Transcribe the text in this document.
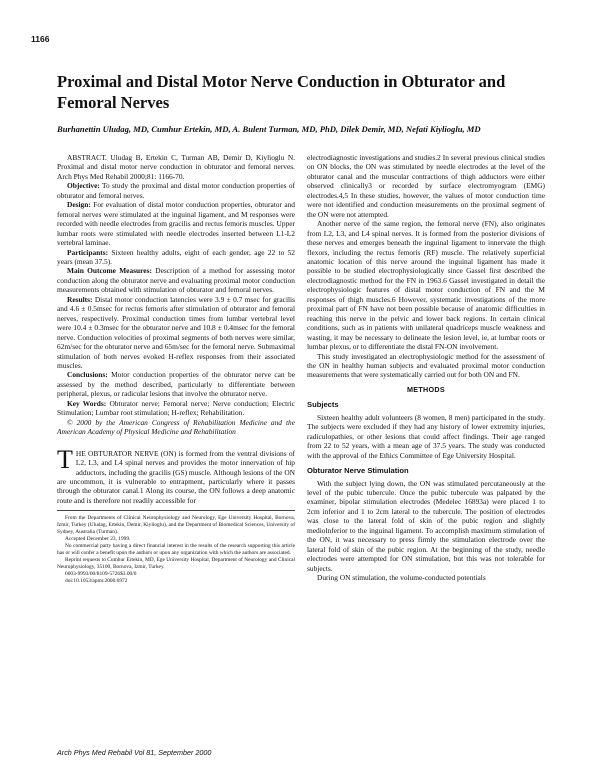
1166
Proximal and Distal Motor Nerve Conduction in Obturator and Femoral Nerves
Burhanettin Uludag, MD, Cumhur Ertekin, MD, A. Bulent Turman, MD, PhD, Dilek Demir, MD, Nefati Kiylioglu, MD

ABSTRACT. Uludag B, Ertekin C, Turman AB, Demir D, Kiylioglu N. Proximal and distal motor nerve conduction in obturator and femoral nerves. Arch Phys Med Rehabil 2000;81: 1166-70.

Objective: To study the proximal and distal motor conduction properties of obturator and femoral nerves.

Design: For evaluation of distal motor conduction properties, obturator and femoral nerves were stimulated at the inguinal ligament, and M responses were recorded with needle electrodes from gracilis and rectus femoris muscles. Upper lumbar roots were stimulated with needle electrodes inserted between L1-L2 vertebral laminae.

Participants: Sixteen healthy adults, eight of each gender, age 22 to 52 years (mean 37.5).

Main Outcome Measures: Description of a method for assessing motor conduction along the obturator nerve and evaluating proximal motor conduction measurements obtained with stimulation of obturator and femoral nerves.

Results: Distal motor conduction latencies were 3.9 ± 0.7 msec for gracilis and 4.6 ± 0.5msec for rectus femoris after stimulation of obturator and femoral nerves, respectively. Proximal conduction times from lumbar vertebral level were 10.4 ± 0.3msec for the obturator nerve and 10.8 ± 0.4msec for the femoral nerve. Conduction velocities of proximal segments of both nerves were similar, 62m/sec for the obturator nerve and 65m/sec for the femoral nerve. Submaximal stimulation of both nerves evoked H-reflex responses from their associated muscles.

Conclusions: Motor conduction properties of the obturator nerve can be assessed by the method described, particularly to differentiate between peripheral, plexus, or radicular lesions that involve the obturator nerve.

Key Words: Obturator nerve; Femoral nerve; Nerve conduction; Electric Stimulation; Lumbar root stimulation; H-reflex; Rehabilitation.

© 2000 by the American Congress of Rehabilitation Medicine and the American Academy of Physical Medicine and Rehabilitation

THE OBTURATOR NERVE (ON) is formed from the ventral divisions of L2, L3, and L4 spinal nerves and provides the motor innervation of hip adductors, including the gracilis (GS) muscle. Although lesions of the ON are uncommon, it is vulnerable to entrapment, particularly where it passes through the obturator canal.1 Along its course, the ON follows a deep anatomic route and is therefore not readily accessible for

From the Departments of Clinical Neurophysiology and Neurology, Ege University Hospital, Bornova, Izmir, Turkey (Uludag, Ertekin, Demir, Kiylioglu), and the Department of Biomedical Sciences, University of Sydney, Australia (Turman).

Accepted December 23, 1999.

No commercial party having a direct financial interest in the results of the research supporting this article has or will confer a benefit upon the authors or upon any organization with which the authors are associated.

Reprint requests to Cumhur Ertekin, MD, Ege University Hospital, Department of Neurology and Clinical Neurophysiology, 35100, Bornova, Izmir, Turkey.

0003-9993/00/8109-5726$3.00/0

doi:10.1053/apmr.2000.6972

electrodiagnostic investigations and studies.2 In several previous clinical studies on ON blocks, the ON was stimulated by needle electrodes at the level of the obturator canal and the muscular contractions of thigh adductors were either observed clinically3 or recorded by surface electromyogram (EMG) electrodes.4,5 In these studies, however, the values of motor conduction time were not identified and conduction measurements on the proximal segment of the ON were not attempted.

Another nerve of the same region, the femoral nerve (FN), also originates from L2, L3, and L4 spinal nerves. It is formed from the posterior divisions of these nerves and emerges beneath the inguinal ligament to innervate the thigh flexors, including the rectus femoris (RF) muscle. The relatively superficial anatomic location of this nerve around the inguinal ligament has made it possible to be studied electrophysiologically since Gassel first described the electrodiagnostic method for the FN in 1963.6 Gassel investigated in detail the electrophysiologic features of distal motor conduction of FN and the M responses of thigh muscles.6 However, systematic investigations of the more proximal part of FN have not been possible because of anatomic difficulties in reaching this nerve in the pelvic and lower back regions. In certain clinical conditions, such as in patients with unilateral quadriceps muscle weakness and wasting, it may be necessary to delineate the lesion level, ie, at lumbar roots or lumbar plexus, or to differentiate the distal FN-ON involvement.

This study investigated an electrophysiologic method for the assessment of the ON in healthy human subjects and evaluated proximal motor conduction measurements that were systematically carried out for both ON and FN.

METHODS

Subjects

Sixteen healthy adult volunteers (8 women, 8 men) participated in the study. The subjects were excluded if they had any history of lower extremity injuries, radiculopathies, or other lesions that could affect findings. Their age ranged from 22 to 52 years, with a mean age of 37.5 years. The study was conducted with the approval of the Ethics Committee of Ege University Hospital.

Obturator Nerve Stimulation

With the subject lying down, the ON was stimulated percutaneously at the level of the pubic tubercule. Once the pubic tubercule was palpated by the examiner, bipolar stimulation electrodes (Medelec 16893a) were placed 1 to 2cm inferior and 1 to 2cm lateral to the tubercule. The position of electrodes was close to the lateral fold of skin of the pubic region and slightly mediolnferior to the inguinal ligament. To accomplish maximum stimulation of the ON, it was necessary to press firmly the stimulation electrode over the lateral fold of skin of the pubic region. At the beginning of the study, needle electrodes were attempted for ON stimulation, but this was not tolerable for subjects.

During ON stimulation, the volume-conducted potentials

Arch Phys Med Rehabil Vol 81, September 2000
